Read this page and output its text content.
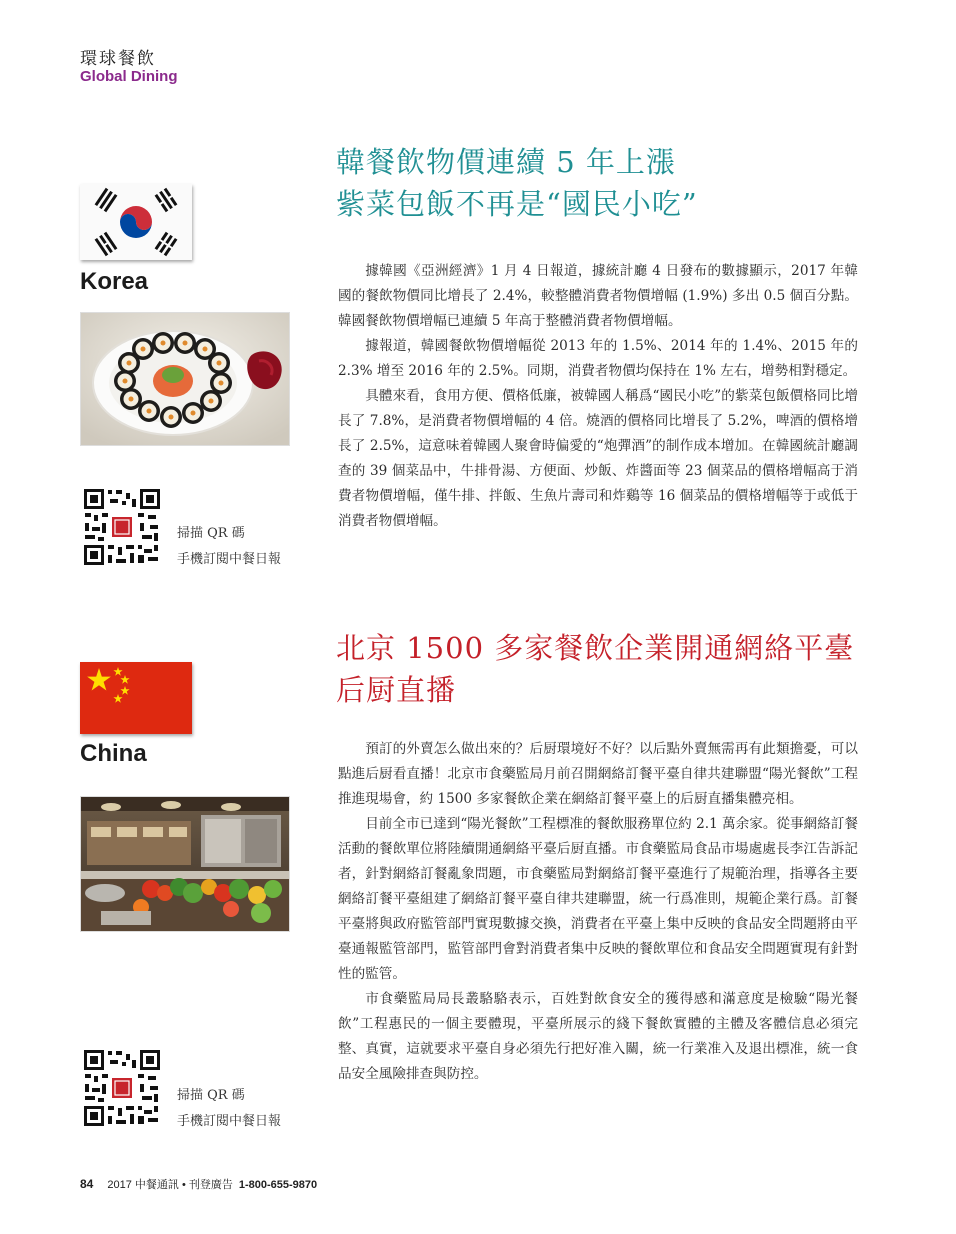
環球餐飲
Global Dining
韓餐飲物價連續 5 年上漲
紫菜包飯不再是“國民小吃”
Korea
掃描 QR 碼
手機訂閱中餐日報

據韓國《亞洲經濟》1 月 4 日報道，據統計廳 4 日發布的數據顯示，2017 年韓國的餐飲物價同比增長了 2.4%，較整體消費者物價增幅 (1.9%) 多出 0.5 個百分點。韓國餐飲物價增幅已連續 5 年高于整體消費者物價增幅。

據報道，韓國餐飲物價增幅從 2013 年的 1.5%、2014 年的 1.4%、2015 年的 2.3% 增至 2016 年的 2.5%。同期，消費者物價均保持在 1% 左右，增勢相對穩定。

具體來看，食用方便、價格低廉，被韓國人稱爲“國民小吃”的紫菜包飯價格同比增長了 7.8%，是消費者物價增幅的 4 倍。燒酒的價格同比增長了 5.2%，啤酒的價格增長了 2.5%，這意味着韓國人聚會時偏愛的“炮彈酒”的制作成本增加。在韓國統計廳調查的 39 個菜品中，牛排骨湯、方便面、炒飯、炸醬面等 23 個菜品的價格增幅高于消費者物價增幅，僅牛排、拌飯、生魚片壽司和炸鷄等 16 個菜品的價格增幅等于或低于消費者物價增幅。

北京 1500 多家餐飲企業開通網絡平臺
后厨直播
China
掃描 QR 碼
手機訂閱中餐日報

預訂的外賣怎么做出來的？后厨環境好不好？以后點外賣無需再有此類擔憂，可以點進后厨看直播！北京市食藥監局月前召開網絡訂餐平臺自律共建聯盟“陽光餐飲”工程推進現場會，約 1500 多家餐飲企業在網絡訂餐平臺上的后厨直播集體亮相。

目前全市已達到“陽光餐飲”工程標准的餐飲服務單位約 2.1 萬余家。從事網絡訂餐活動的餐飲單位將陸續開通網絡平臺后厨直播。市食藥監局食品市場處處長李江告訴記者，針對網絡訂餐亂象問題，市食藥監局對網絡訂餐平臺進行了規範治理，指導各主要網絡訂餐平臺組建了網絡訂餐平臺自律共建聯盟，統一行爲准則，規範企業行爲。訂餐平臺將與政府監管部門實現數據交換，消費者在平臺上集中反映的食品安全問題將由平臺通報監管部門，監管部門會對消費者集中反映的餐飲單位和食品安全問題實現有針對性的監管。

市食藥監局局長叢駱駱表示，百姓對飲食安全的獲得感和滿意度是檢驗“陽光餐飲”工程惠民的一個主要體現，平臺所展示的綫下餐飲實體的主體及客體信息必須完整、真實，這就要求平臺自身必須先行把好准入關，統一行業准入及退出標准，統一食品安全風險排查與防控。

84 2017 中餐通訊 • 刊登廣告 1-800-655-9870
